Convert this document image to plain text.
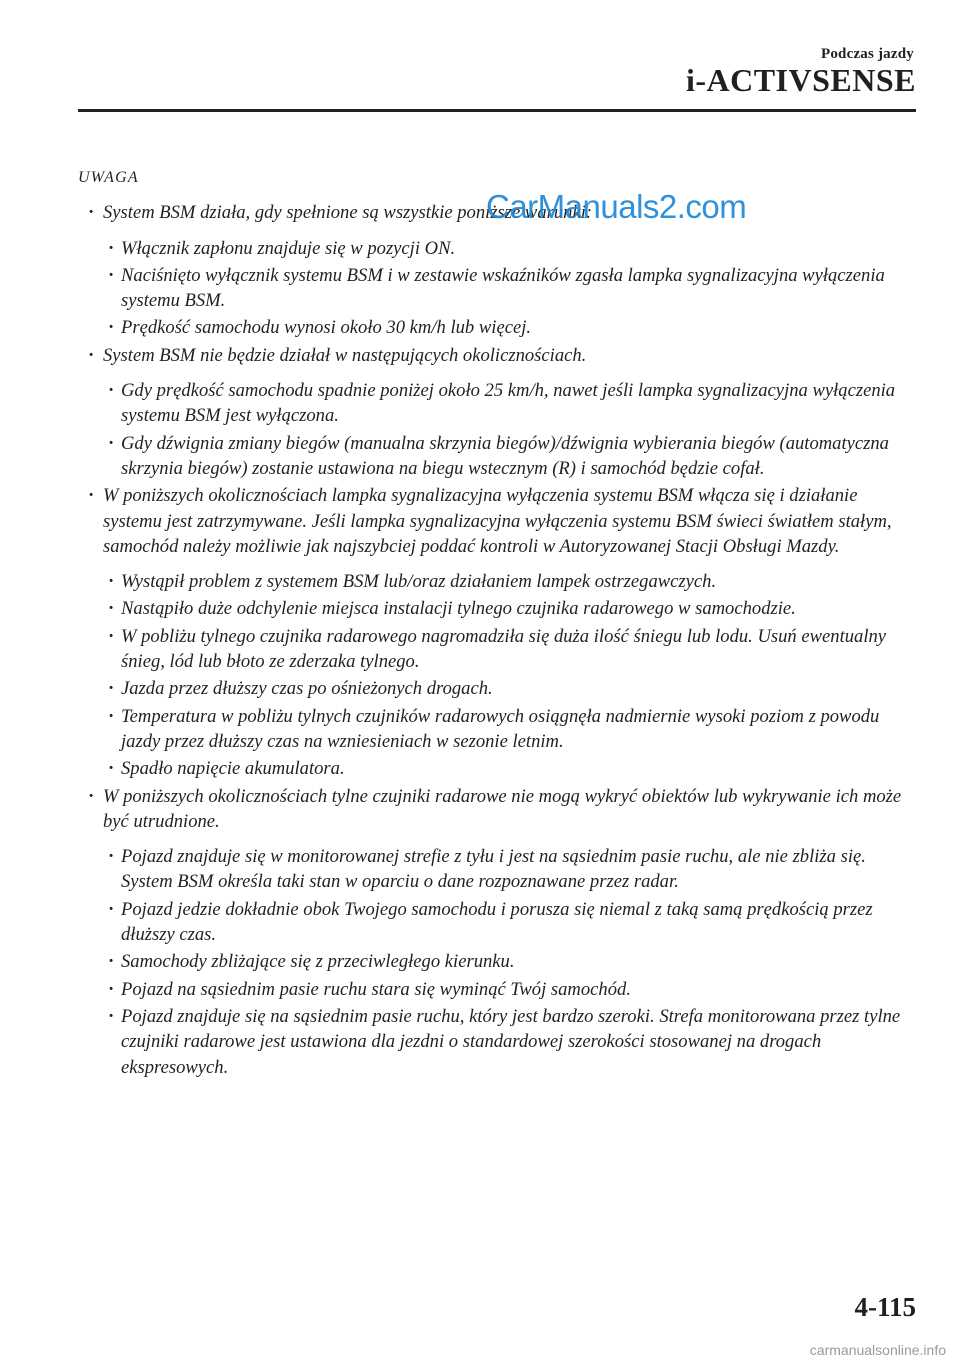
Podczas jazdy
i-ACTIVSENSE
UWAGA

· System BSM działa, gdy spełnione są wszystkie poniższe warunki:

· Włącznik zapłonu znajduje się w pozycji ON.

· Naciśnięto wyłącznik systemu BSM i w zestawie wskaźników zgasła lampka sygnalizacyjna wyłączenia systemu BSM.

· Prędkość samochodu wynosi około 30 km/h lub więcej.

· System BSM nie będzie działał w następujących okolicznościach.

· Gdy prędkość samochodu spadnie poniżej około 25 km/h, nawet jeśli lampka sygnalizacyjna wyłączenia systemu BSM jest wyłączona.

· Gdy dźwignia zmiany biegów (manualna skrzynia biegów)/dźwignia wybierania biegów (automatyczna skrzynia biegów) zostanie ustawiona na biegu wstecznym (R) i samochód będzie cofał.

· W poniższych okolicznościach lampka sygnalizacyjna wyłączenia systemu BSM włącza się i działanie systemu jest zatrzymywane. Jeśli lampka sygnalizacyjna wyłączenia systemu BSM świeci światłem stałym, samochód należy możliwie jak najszybciej poddać kontroli w Autoryzowanej Stacji Obsługi Mazdy.

· Wystąpił problem z systemem BSM lub/oraz działaniem lampek ostrzegawczych.

· Nastąpiło duże odchylenie miejsca instalacji tylnego czujnika radarowego w samochodzie.

· W pobliżu tylnego czujnika radarowego nagromadziła się duża ilość śniegu lub lodu. Usuń ewentualny śnieg, lód lub błoto ze zderzaka tylnego.

· Jazda przez dłuższy czas po ośnieżonych drogach.

· Temperatura w pobliżu tylnych czujników radarowych osiągnęła nadmiernie wysoki poziom z powodu jazdy przez dłuższy czas na wzniesieniach w sezonie letnim.

· Spadło napięcie akumulatora.

· W poniższych okolicznościach tylne czujniki radarowe nie mogą wykryć obiektów lub wykrywanie ich może być utrudnione.

· Pojazd znajduje się w monitorowanej strefie z tyłu i jest na sąsiednim pasie ruchu, ale nie zbliża się. System BSM określa taki stan w oparciu o dane rozpoznawane przez radar.

· Pojazd jedzie dokładnie obok Twojego samochodu i porusza się niemal z taką samą prędkością przez dłuższy czas.

· Samochody zbliżające się z przeciwległego kierunku.

· Pojazd na sąsiednim pasie ruchu stara się wyminąć Twój samochód.

· Pojazd znajduje się na sąsiednim pasie ruchu, który jest bardzo szeroki. Strefa monitorowana przez tylne czujniki radarowe jest ustawiona dla jezdni o standardowej szerokości stosowanej na drogach ekspresowych.

CarManuals2.com
4-115
carmanualsonline.info
